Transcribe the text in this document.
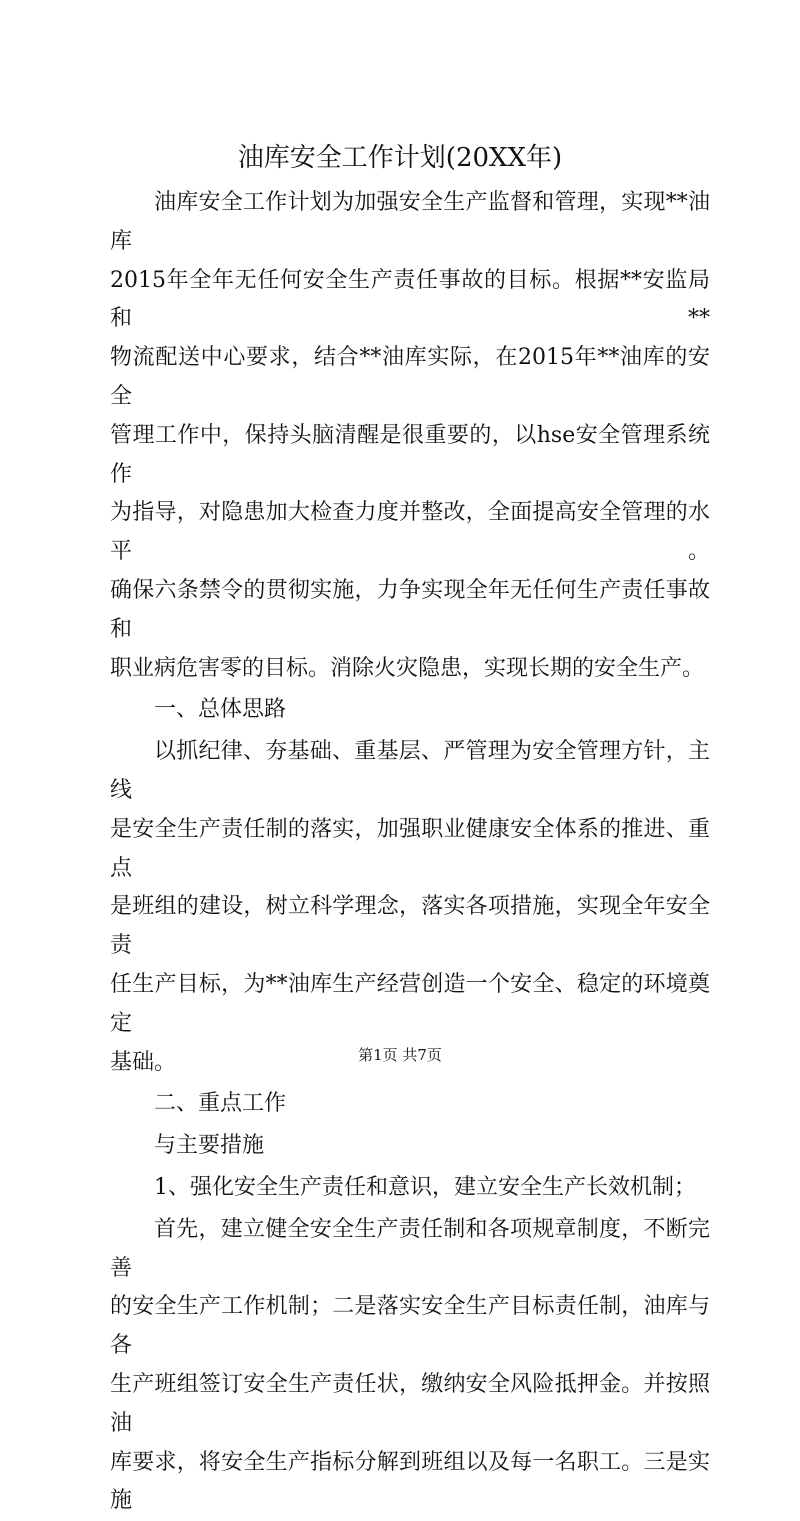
油库安全工作计划(20XX年)

油库安全工作计划为加强安全生产监督和管理，实现**油库

2015年全年无任何安全生产责任事故的目标。根据**安监局和**

物流配送中心要求，结合**油库实际，在2015年**油库的安全

管理工作中，保持头脑清醒是很重要的，以hse安全管理系统作

为指导，对隐患加大检查力度并整改，全面提高安全管理的水平。

确保六条禁令的贯彻实施，力争实现全年无任何生产责任事故和

职业病危害零的目标。消除火灾隐患，实现长期的安全生产。

一、总体思路

以抓纪律、夯基础、重基层、严管理为安全管理方针，主线

是安全生产责任制的落实，加强职业健康安全体系的推进、重点

是班组的建设，树立科学理念，落实各项措施，实现全年安全责

任生产目标，为**油库生产经营创造一个安全、稳定的环境奠定

基础。

二、重点工作

与主要措施

1、强化安全生产责任和意识，建立安全生产长效机制；

首先，建立健全安全生产责任制和各项规章制度，不断完善

的安全生产工作机制；二是落实安全生产目标责任制，油库与各

生产班组签订安全生产责任状，缴纳安全风险抵押金。并按照油

库要求，将安全生产指标分解到班组以及每一名职工。三是实施

第1页 共7页
